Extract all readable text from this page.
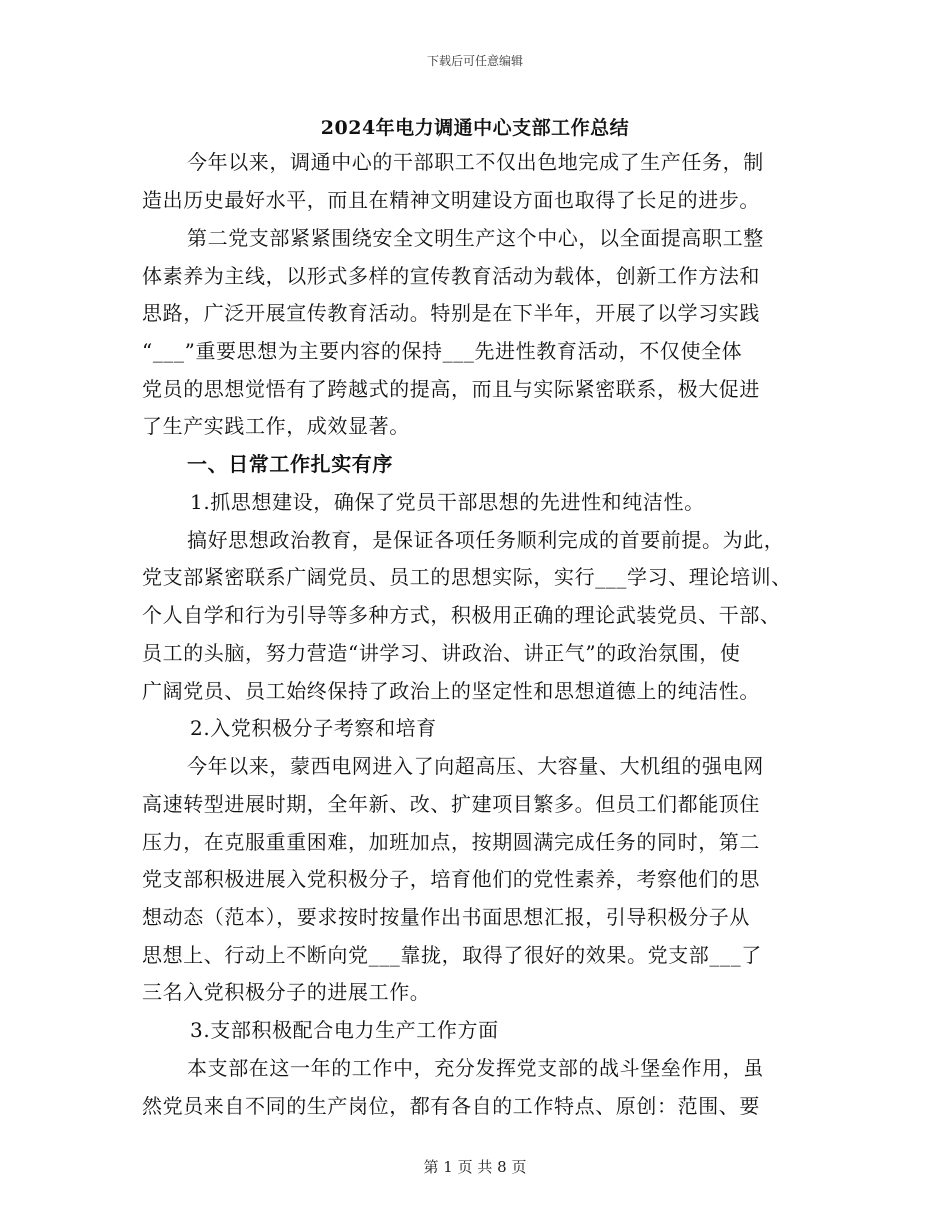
下载后可任意编辑
2024年电力调通中心支部工作总结
今年以来，调通中心的干部职工不仅出色地完成了生产任务，制
造出历史最好水平，而且在精神文明建设方面也取得了长足的进步。
第二党支部紧紧围绕安全文明生产这个中心，以全面提高职工整
体素养为主线，以形式多样的宣传教育活动为载体，创新工作方法和
思路，广泛开展宣传教育活动。特别是在下半年，开展了以学习实践
“___”重要思想为主要内容的保持___先进性教育活动，不仅使全体
党员的思想觉悟有了跨越式的提高，而且与实际紧密联系，极大促进
了生产实践工作，成效显著。
一、日常工作扎实有序
1.抓思想建设，确保了党员干部思想的先进性和纯洁性。
搞好思想政治教育，是保证各项任务顺利完成的首要前提。为此，
党支部紧密联系广阔党员、员工的思想实际，实行___学习、理论培训、
个人自学和行为引导等多种方式，积极用正确的理论武装党员、干部、
员工的头脑，努力营造“讲学习、讲政治、讲正气”的政治氛围，使
广阔党员、员工始终保持了政治上的坚定性和思想道德上的纯洁性。
2.入党积极分子考察和培育
今年以来，蒙西电网进入了向超高压、大容量、大机组的强电网
高速转型进展时期，全年新、改、扩建项目繁多。但员工们都能顶住
压力，在克服重重困难，加班加点，按期圆满完成任务的同时，第二
党支部积极进展入党积极分子，培育他们的党性素养，考察他们的思
想动态（范本），要求按时按量作出书面思想汇报，引导积极分子从
思想上、行动上不断向党___靠拢，取得了很好的效果。党支部___了
三名入党积极分子的进展工作。
3.支部积极配合电力生产工作方面
本支部在这一年的工作中，充分发挥党支部的战斗堡垒作用，虽
然党员来自不同的生产岗位，都有各自的工作特点、原创：范围、要
第 1 页 共 8 页
